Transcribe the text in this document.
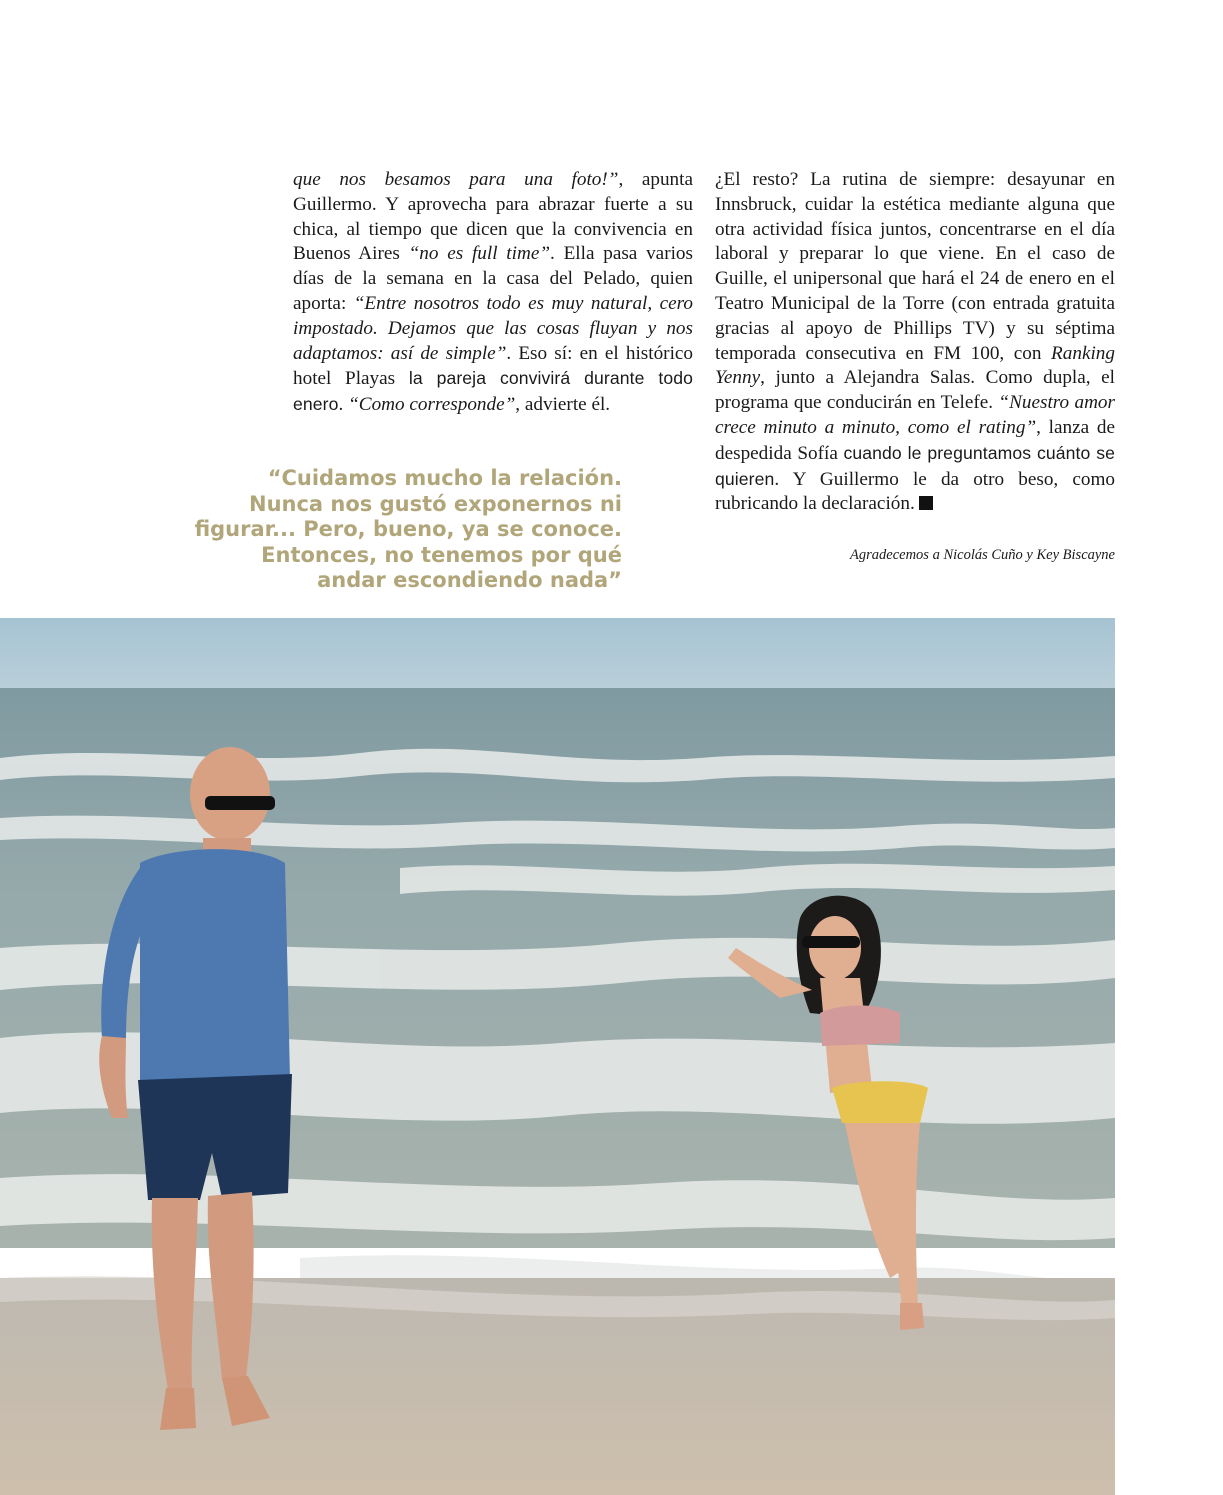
que nos besamos para una foto!”, apunta Guillermo. Y aprovecha para abrazar fuerte a su chica, al tiempo que dicen que la convivencia en Buenos Aires “no es full time”. Ella pasa varios días de la semana en la casa del Pelado, quien aporta: “Entre nosotros todo es muy natural, cero impostado. Dejamos que las cosas fluyan y nos adaptamos: así de simple”. Eso sí: en el histórico hotel Playas la pareja convivirá durante todo enero. “Como corresponde”, advierte él.

¿El resto? La rutina de siempre: desayunar en Innsbruck, cuidar la estética mediante alguna que otra actividad física juntos, concentrarse en el día laboral y preparar lo que viene. En el caso de Guille, el unipersonal que hará el 24 de enero en el Teatro Municipal de la Torre (con entrada gratuita gracias al apoyo de Phillips TV) y su séptima temporada consecutiva en FM 100, con Ranking Yenny, junto a Alejandra Salas. Como dupla, el programa que conducirán en Telefe. “Nuestro amor crece minuto a minuto, como el rating”, lanza de despedida Sofía cuando le preguntamos cuánto se quieren. Y Guillermo le da otro beso, como rubricando la declaración.

“Cuidamos mucho la relación.
Nunca nos gustó exponernos ni
figurar... Pero, bueno, ya se conoce.
Entonces, no tenemos por qué
andar escondiendo nada”
Agradecemos a Nicolás Cuño y Key Biscayne
